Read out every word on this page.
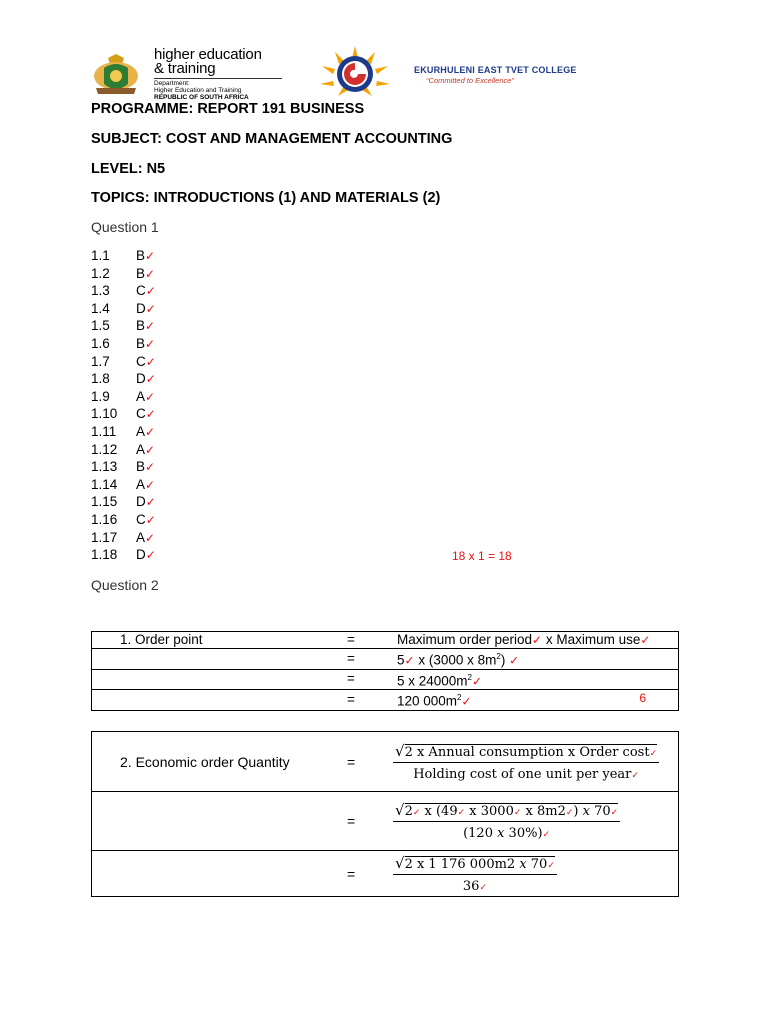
higher education
& training
Department:
Higher Education and Training
REPUBLIC OF SOUTH AFRICA
EKURHULENI EAST TVET COLLEGE
“Committed to Excellence”
PROGRAMME: REPORT 191 BUSINESS
SUBJECT: COST AND MANAGEMENT ACCOUNTING
LEVEL: N5
TOPICS: INTRODUCTIONS (1) AND MATERIALS (2)
Question 1
1.1 B✓
1.2 B✓
1.3 C✓
1.4 D✓
1.5 B✓
1.6 B✓
1.7 C✓
1.8 D✓
1.9 A✓
1.10 C✓
1.11 A✓
1.12 A✓
1.13 B✓
1.14 A✓
1.15 D✓
1.16 C✓
1.17 A✓
1.18 D✓	18 x 1 = 18
Question 2
1. Order point	=	Maximum order period✓ x Maximum use✓
	=	5✓ x (3000 x $8m^2$) ✓
	=	5 x $24000m^2✓$
	=	120 $000m^2✓$ 6
2. Economic order Quantity	=	$\frac{\text{√2 x Annual consumption x Order cost✓}}{\text{Holding cost of one unit per year✓}}$

	=	$\frac{\text{√2✓ x (49✓ x 3000✓ x 8m2✓) 𝑥 70✓}}{\text{(120 𝑥 30\%)✓}}$

	=	$\frac{\text{√2 x 1 176 000m2 𝑥 70✓}}{36✓}$
